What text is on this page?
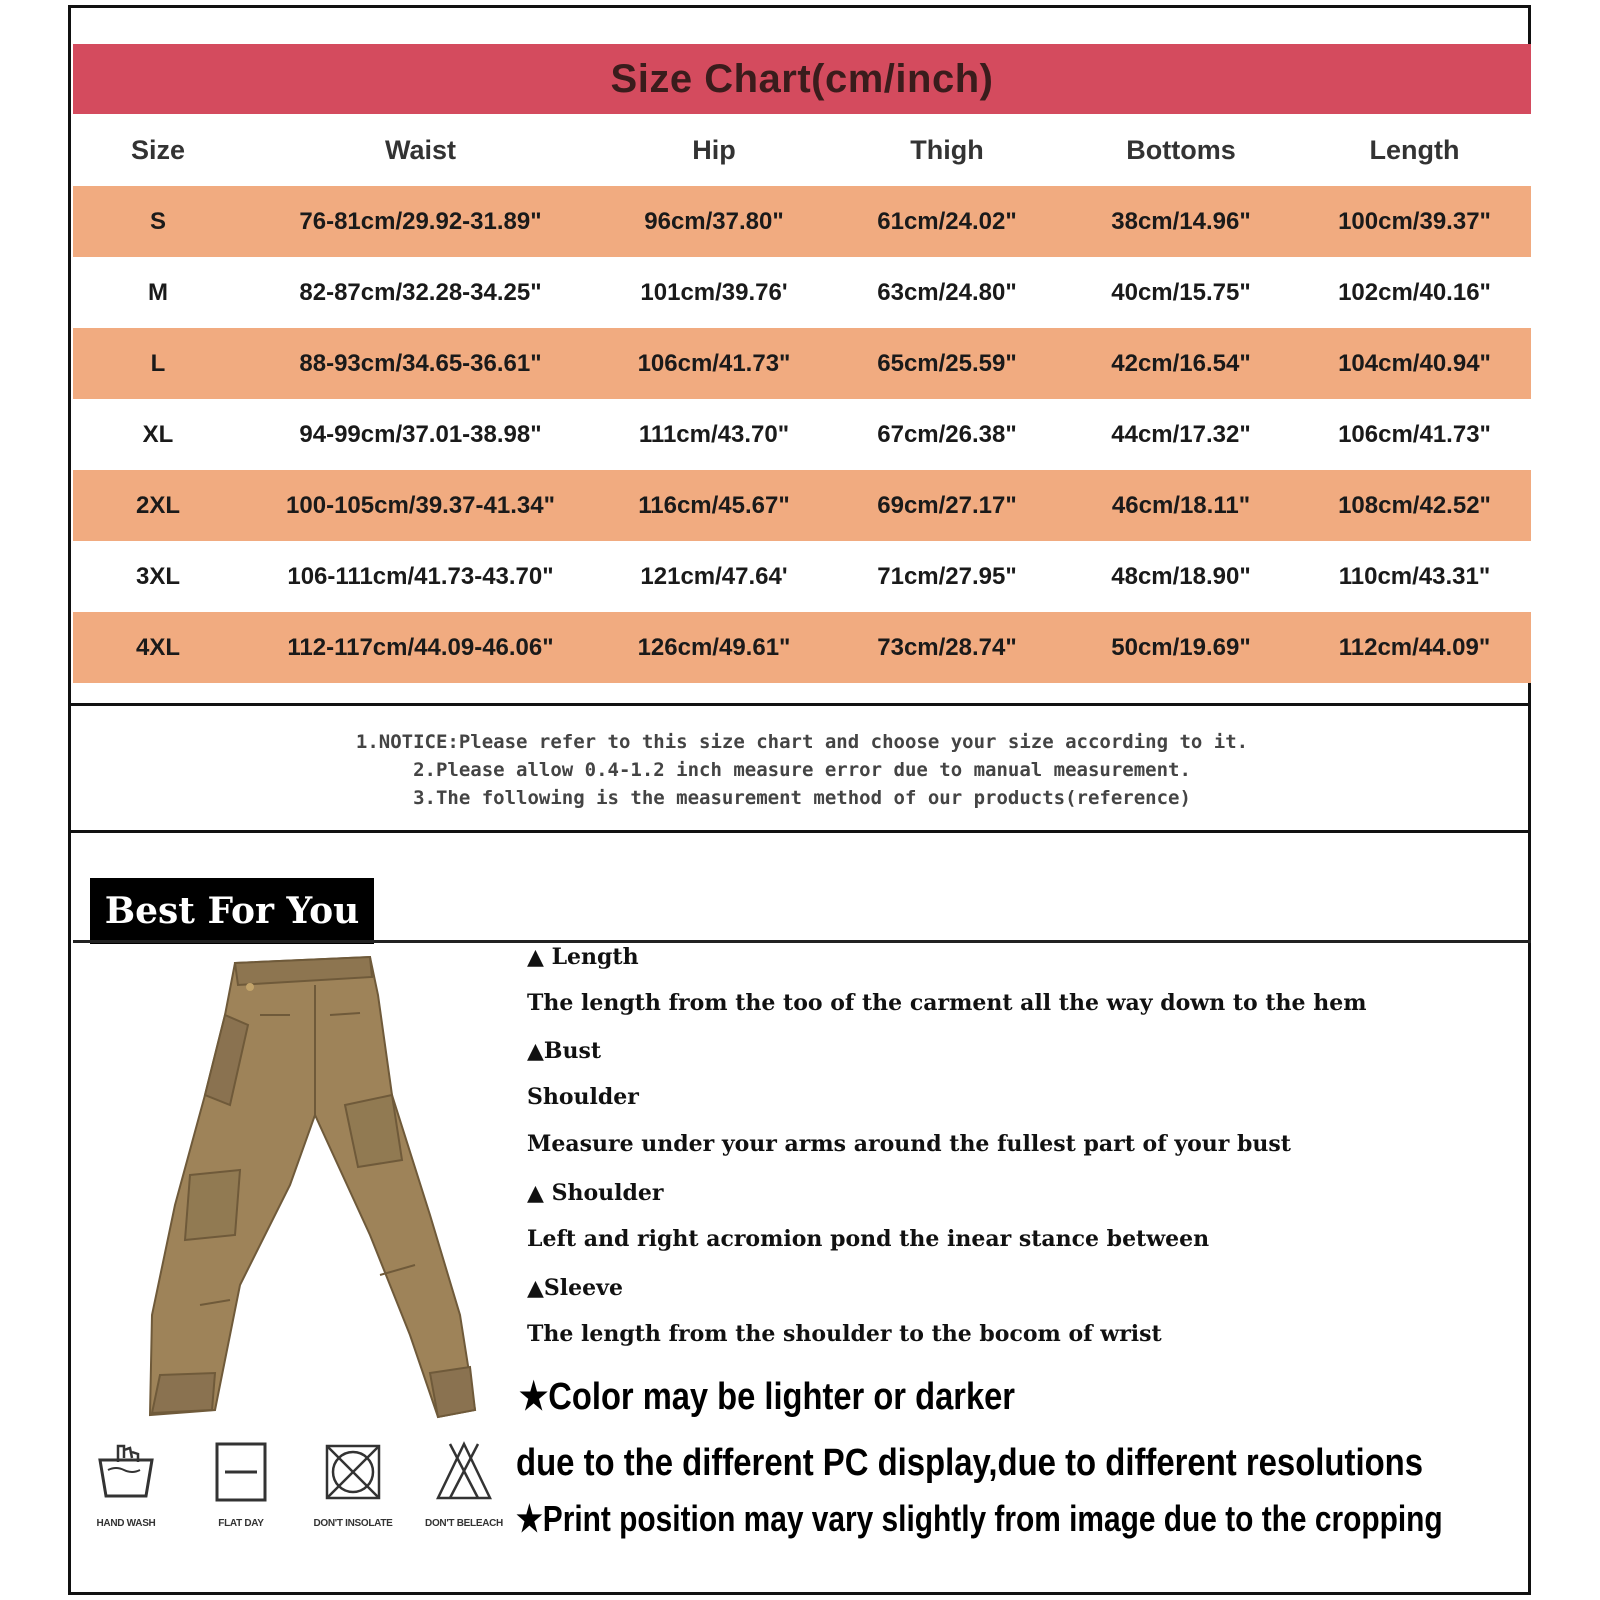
Size Chart(cm/inch)
Size	Waist	Hip	Thigh	Bottoms	Length
S	76-81cm/29.92-31.89"	96cm/37.80"	61cm/24.02"	38cm/14.96"	100cm/39.37"
M	82-87cm/32.28-34.25"	101cm/39.76'	63cm/24.80"	40cm/15.75"	102cm/40.16"
L	88-93cm/34.65-36.61"	106cm/41.73"	65cm/25.59"	42cm/16.54"	104cm/40.94"
XL	94-99cm/37.01-38.98"	111cm/43.70"	67cm/26.38"	44cm/17.32"	106cm/41.73"
2XL	100-105cm/39.37-41.34"	116cm/45.67"	69cm/27.17"	46cm/18.11"	108cm/42.52"
3XL	106-111cm/41.73-43.70"	121cm/47.64'	71cm/27.95"	48cm/18.90"	110cm/43.31"
4XL	112-117cm/44.09-46.06"	126cm/49.61"	73cm/28.74"	50cm/19.69"	112cm/44.09"
1.NOTICE:Please refer to this size chart and choose your size according to it.
2.Please allow 0.4-1.2 inch measure error due to manual measurement.
3.The following is the measurement method of our products(reference)
Best For You
HAND WASH	FLAT DAY	DON'T INSOLATE	DON'T BELEACH
▲ Length
The length from the too of the carment all the way down to the hem
▲Bust
Shoulder
Measure under your arms around the fullest part of your bust
▲ Shoulder
Left and right acromion pond the inear stance between
▲Sleeve
The length from the shoulder to the bocom of wrist
★Color may be lighter or darker
due to the different PC display,due to different resolutions
★Print position may vary slightly from image due to the cropping
